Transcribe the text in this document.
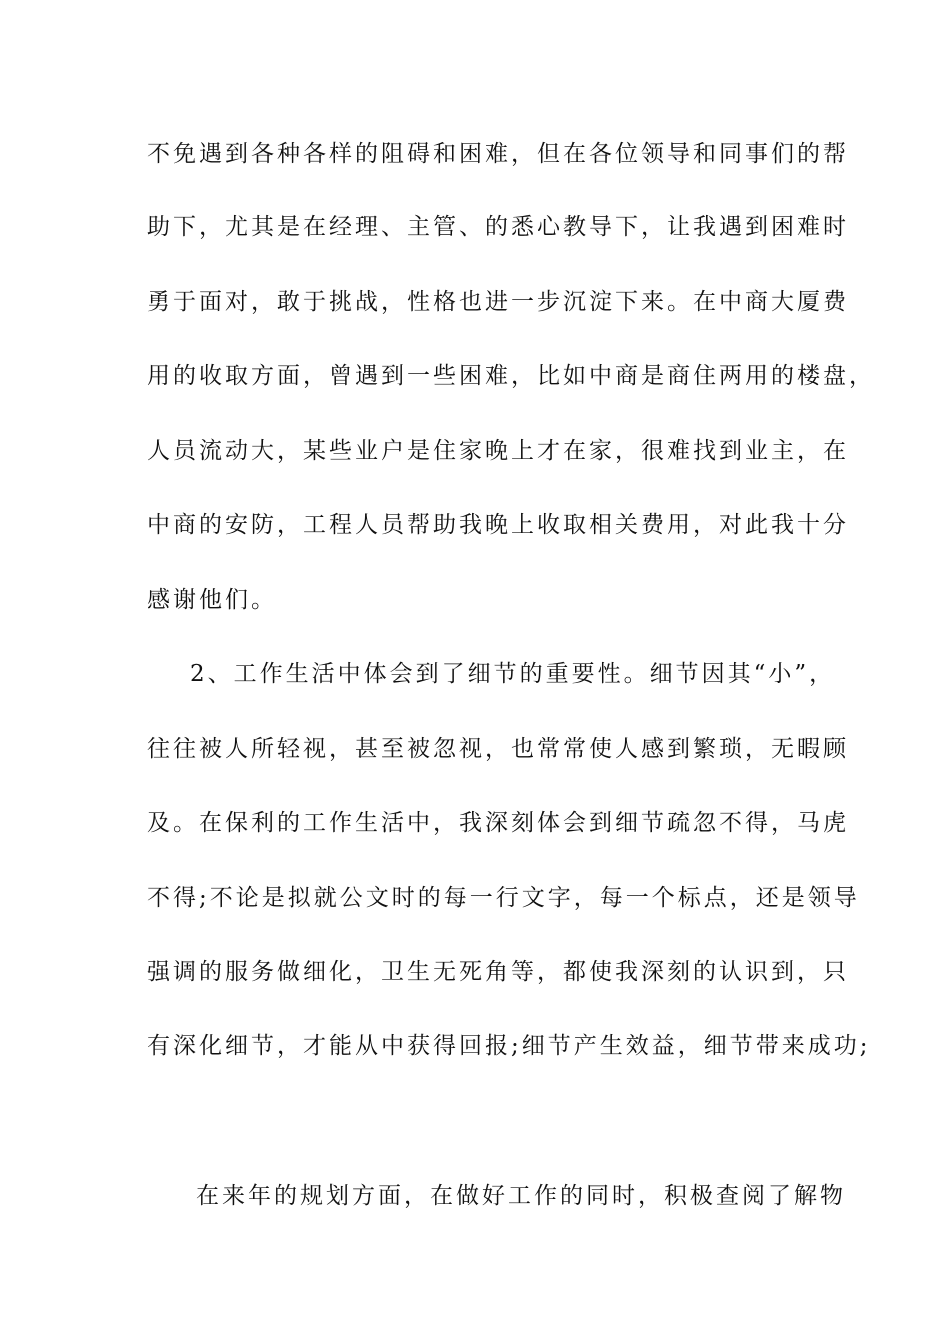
不免遇到各种各样的阻碍和困难，但在各位领导和同事们的帮
助下，尤其是在经理、主管、的悉心教导下，让我遇到困难时
勇于面对，敢于挑战，性格也进一步沉淀下来。在中商大厦费
用的收取方面，曾遇到一些困难，比如中商是商住两用的楼盘，
人员流动大，某些业户是住家晚上才在家，很难找到业主，在
中商的安防，工程人员帮助我晚上收取相关费用，对此我十分
感谢他们。
2、工作生活中体会到了细节的重要性。细节因其“小”，
往往被人所轻视，甚至被忽视，也常常使人感到繁琐，无暇顾
及。在保利的工作生活中，我深刻体会到细节疏忽不得，马虎
不得;不论是拟就公文时的每一行文字，每一个标点，还是领导
强调的服务做细化，卫生无死角等，都使我深刻的认识到，只
有深化细节，才能从中获得回报;细节产生效益，细节带来成功;
在来年的规划方面，在做好工作的同时，积极查阅了解物
